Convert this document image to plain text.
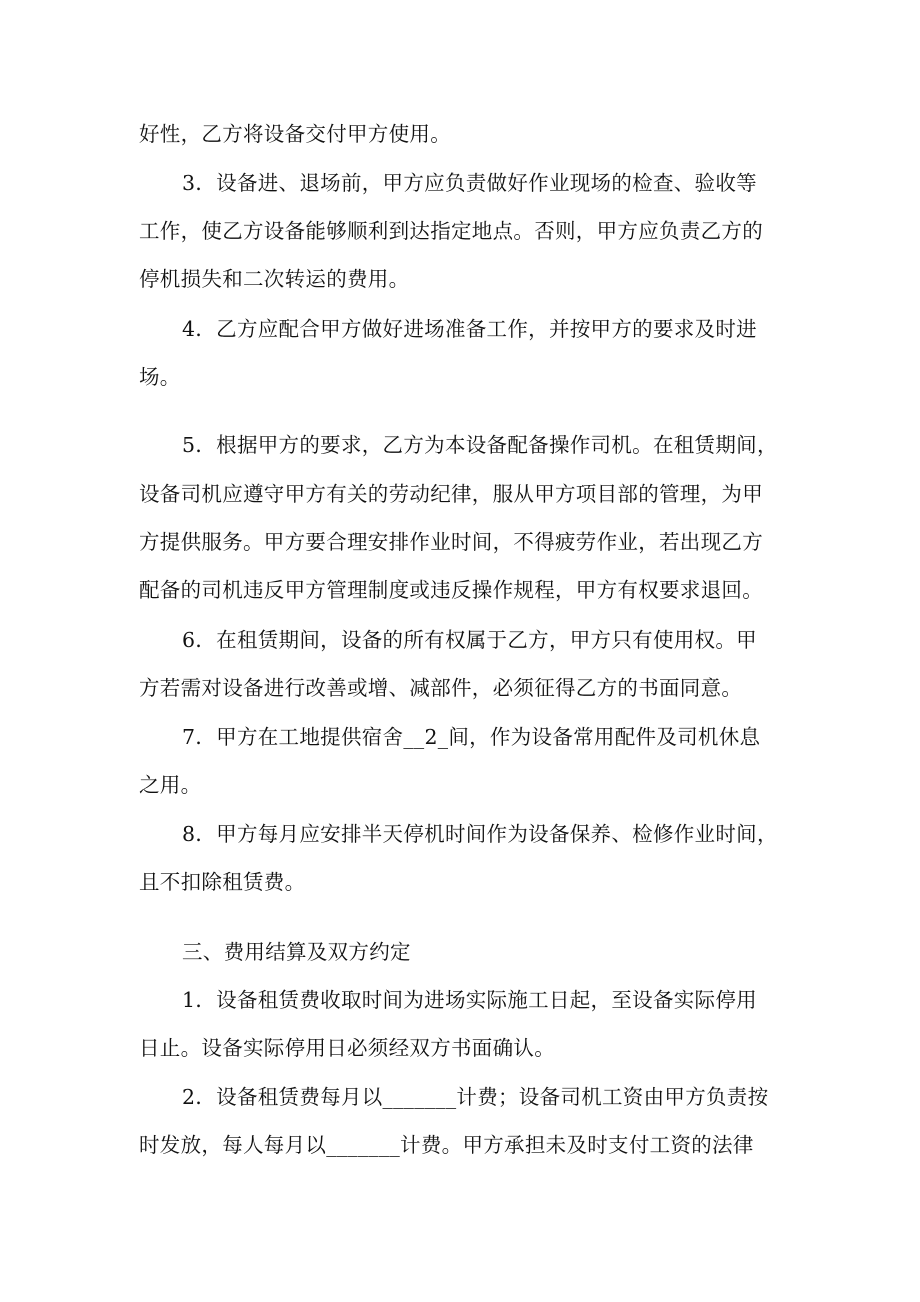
好性，乙方将设备交付甲方使用。
3．设备进、退场前，甲方应负责做好作业现场的检查、验收等
工作，使乙方设备能够顺利到达指定地点。否则，甲方应负责乙方的
停机损失和二次转运的费用。
4．乙方应配合甲方做好进场准备工作，并按甲方的要求及时进
场。
5．根据甲方的要求，乙方为本设备配备操作司机。在租赁期间，
设备司机应遵守甲方有关的劳动纪律，服从甲方项目部的管理，为甲
方提供服务。甲方要合理安排作业时间，不得疲劳作业，若出现乙方
配备的司机违反甲方管理制度或违反操作规程，甲方有权要求退回。
6．在租赁期间，设备的所有权属于乙方，甲方只有使用权。甲
方若需对设备进行改善或增、减部件，必须征得乙方的书面同意。
7．甲方在工地提供宿舍__2_间，作为设备常用配件及司机休息
之用。
8．甲方每月应安排半天停机时间作为设备保养、检修作业时间，
且不扣除租赁费。
三、费用结算及双方约定
1．设备租赁费收取时间为进场实际施工日起，至设备实际停用
日止。设备实际停用日必须经双方书面确认。
2．设备租赁费每月以_______计费；设备司机工资由甲方负责按
时发放，每人每月以_______计费。甲方承担未及时支付工资的法律
